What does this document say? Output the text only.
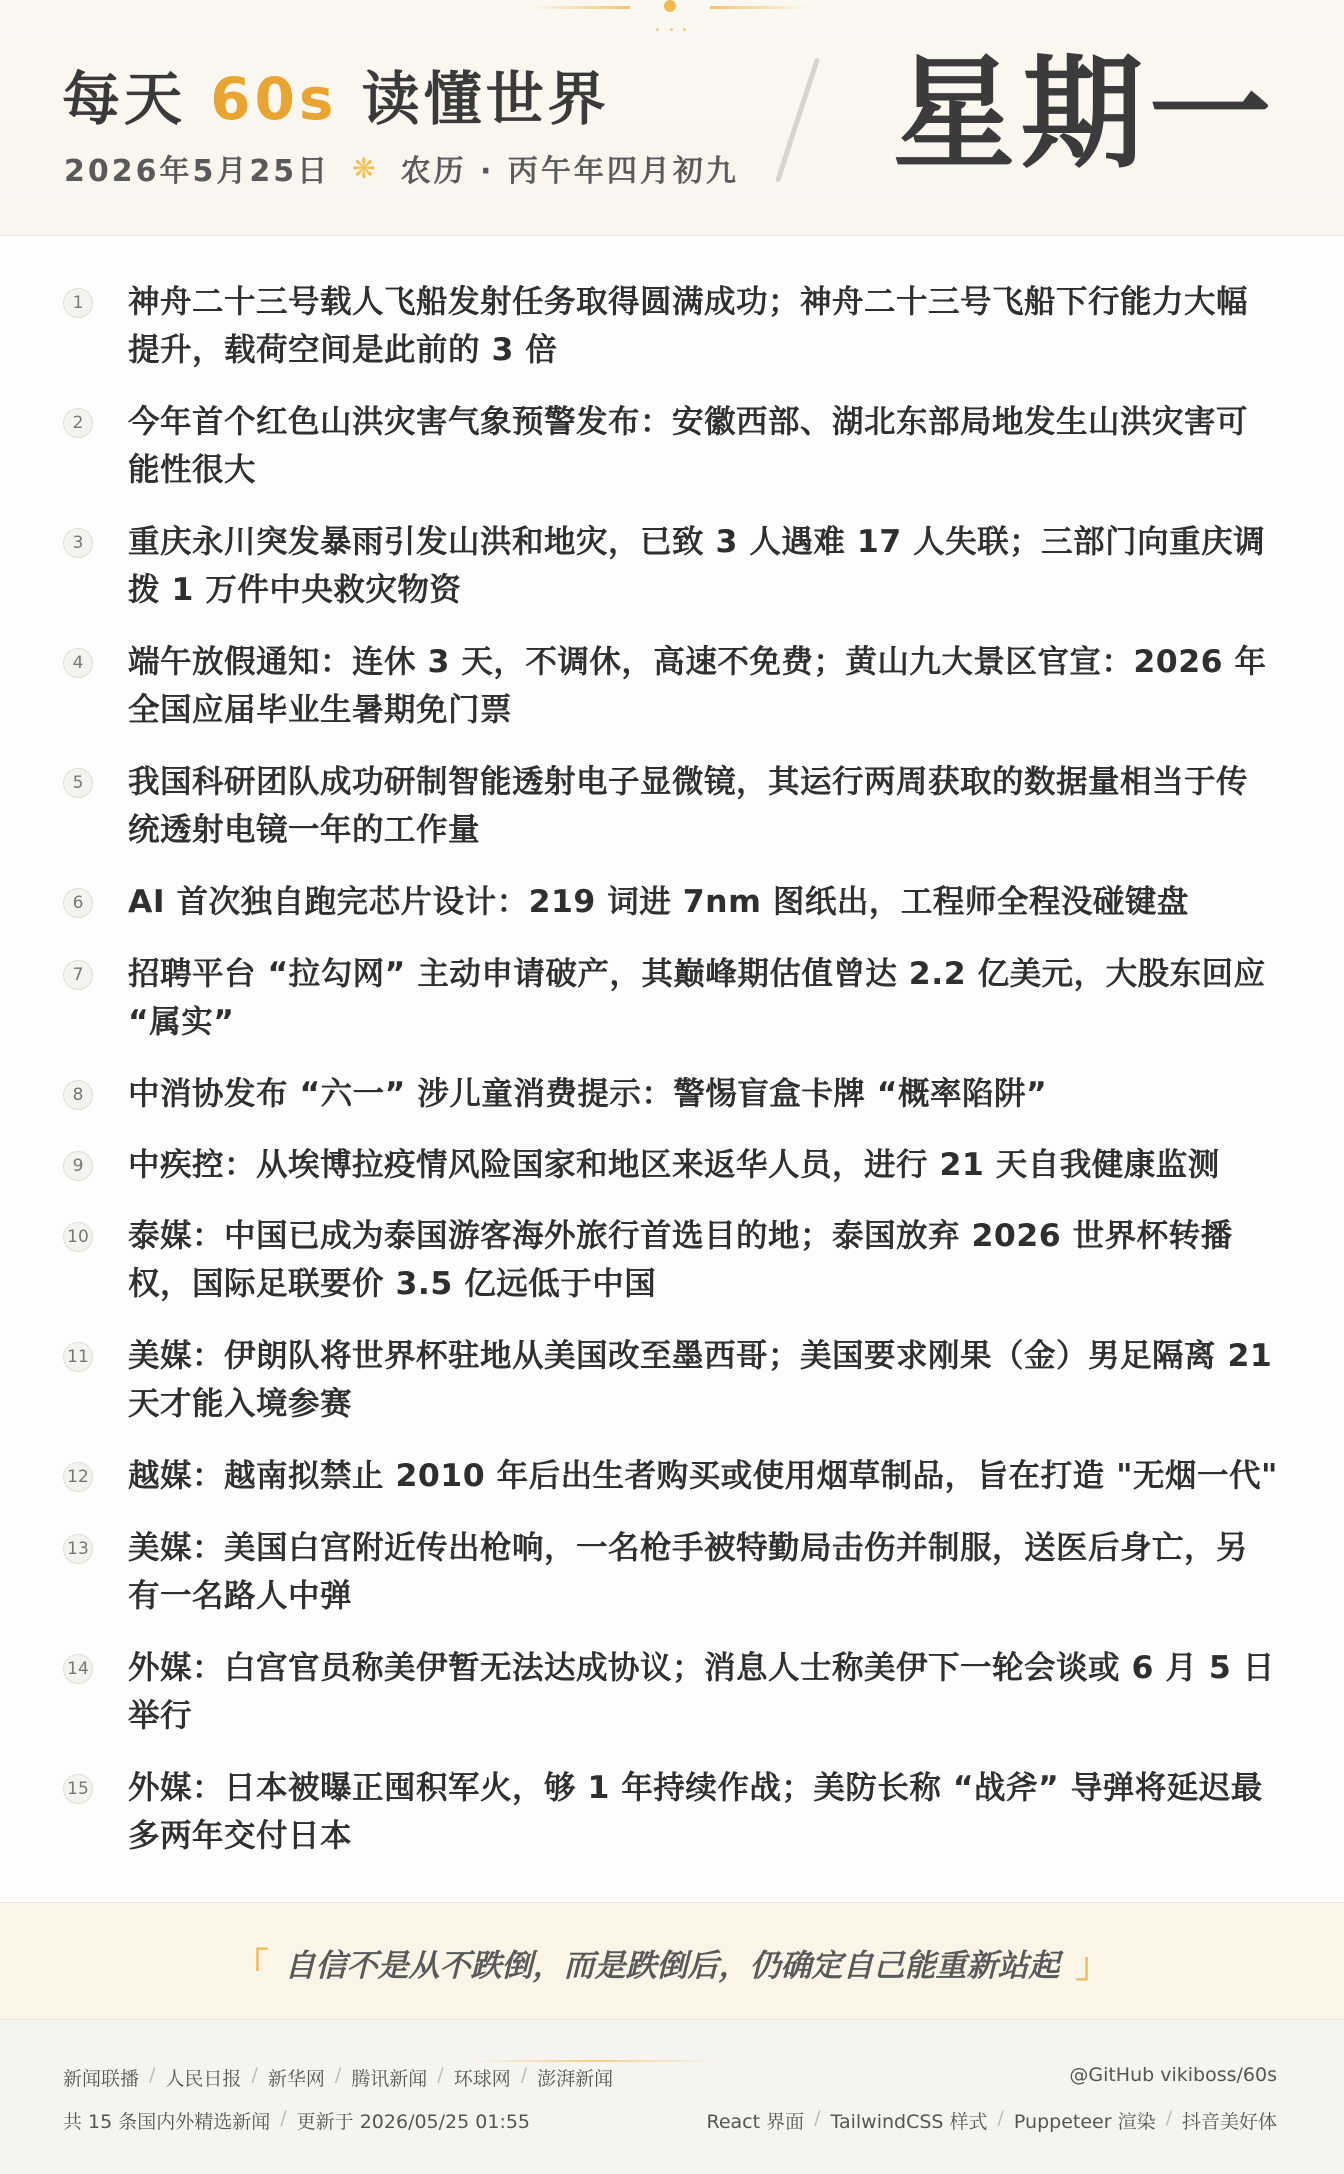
每天 60s 读懂世界
2026年5月25日 ❋ 农历 · 丙午年四月初九 星期一
1	神舟二十三号载人飞船发射任务取得圆满成功；神舟二十三号飞船下行能力大幅提升，载荷空间是此前的 3 倍
2	今年首个红色山洪灾害气象预警发布：安徽西部、湖北东部局地发生山洪灾害可能性很大
3	重庆永川突发暴雨引发山洪和地灾，已致 3 人遇难 17 人失联；三部门向重庆调拨 1 万件中央救灾物资
4	端午放假通知：连休 3 天，不调休，高速不免费；黄山九大景区官宣：2026 年全国应届毕业生暑期免门票
5	我国科研团队成功研制智能透射电子显微镜，其运行两周获取的数据量相当于传统透射电镜一年的工作量
6	AI 首次独自跑完芯片设计：219 词进 7nm 图纸出，工程师全程没碰键盘
7	招聘平台 “拉勾网” 主动申请破产，其巅峰期估值曾达 2.2 亿美元，大股东回应 “属实”
8	中消协发布 “六一” 涉儿童消费提示：警惕盲盒卡牌 “概率陷阱”
9	中疾控：从埃博拉疫情风险国家和地区来返华人员，进行 21 天自我健康监测
10 泰媒：中国已成为泰国游客海外旅行首选目的地；泰国放弃 2026 世界杯转播权，国际足联要价 3.5 亿远低于中国
11 美媒：伊朗队将世界杯驻地从美国改至墨西哥；美国要求刚果（金）男足隔离 21 天才能入境参赛
12 越媒：越南拟禁止 2010 年后出生者购买或使用烟草制品，旨在打造 "无烟一代"
13 美媒：美国白宫附近传出枪响，一名枪手被特勤局击伤并制服，送医后身亡，另有一名路人中弹
14 外媒：白宫官员称美伊暂无法达成协议；消息人士称美伊下一轮会谈或 6 月 5 日举行
15 外媒：日本被曝正囤积军火，够 1 年持续作战；美防长称 “战斧” 导弹将延迟最多两年交付日本
「 自信不是从不跌倒，而是跌倒后，仍确定自己能重新站起 」
新闻联播 / 人民日报 / 新华网 / 腾讯新闻 / 环球网 / 澎湃新闻	@GitHub vikiboss/60s
共 15 条国内外精选新闻 / 更新于 2026/05/25 01:55	React 界面 / TailwindCSS 样式 / Puppeteer 渲染 / 抖音美好体
